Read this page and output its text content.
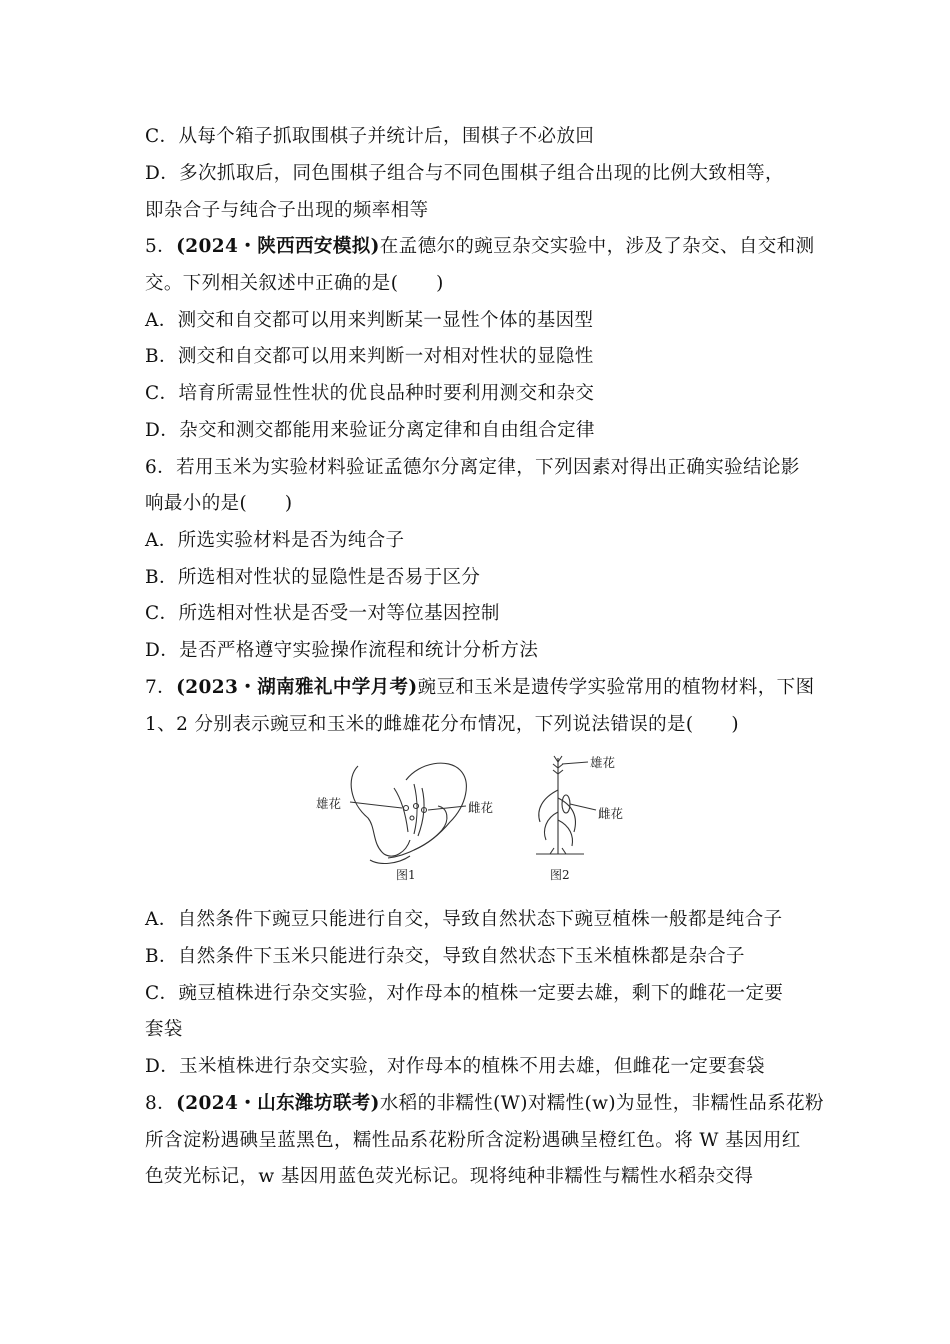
C．从每个箱子抓取围棋子并统计后，围棋子不必放回
D．多次抓取后，同色围棋子组合与不同色围棋子组合出现的比例大致相等，
即杂合子与纯合子出现的频率相等
5．(2024・陕西西安模拟)在孟德尔的豌豆杂交实验中，涉及了杂交、自交和测
交。下列相关叙述中正确的是(　　)
A．测交和自交都可以用来判断某一显性个体的基因型
B．测交和自交都可以用来判断一对相对性状的显隐性
C．培育所需显性性状的优良品种时要利用测交和杂交
D．杂交和测交都能用来验证分离定律和自由组合定律
6．若用玉米为实验材料验证孟德尔分离定律，下列因素对得出正确实验结论影
响最小的是(　　)
A．所选实验材料是否为纯合子
B．所选相对性状的显隐性是否易于区分
C．所选相对性状是否受一对等位基因控制
D．是否严格遵守实验操作流程和统计分析方法
7．(2023・湖南雅礼中学月考)豌豆和玉米是遗传学实验常用的植物材料，下图
1、2 分别表示豌豆和玉米的雌雄花分布情况，下列说法错误的是(　　)
雄花	雌花
图1
雄花
雌花
图2
A．自然条件下豌豆只能进行自交，导致自然状态下豌豆植株一般都是纯合子
B．自然条件下玉米只能进行杂交，导致自然状态下玉米植株都是杂合子
C．豌豆植株进行杂交实验，对作母本的植株一定要去雄，剩下的雌花一定要
套袋
D．玉米植株进行杂交实验，对作母本的植株不用去雄，但雌花一定要套袋
8．(2024・山东潍坊联考)水稻的非糯性(W)对糯性(w)为显性，非糯性品系花粉
所含淀粉遇碘呈蓝黑色，糯性品系花粉所含淀粉遇碘呈橙红色。将 W 基因用红
色荧光标记，w 基因用蓝色荧光标记。现将纯种非糯性与糯性水稻杂交得
